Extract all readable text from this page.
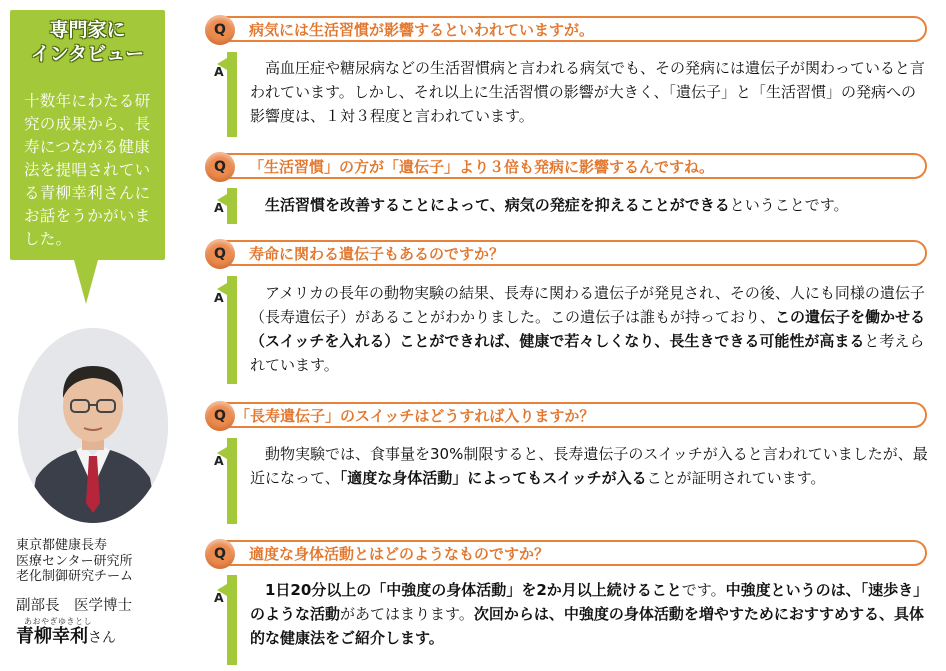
専門家に
インタビュー
十数年にわたる研究の成果から、長寿につながる健康法を提唱されている青柳幸利さんにお話をうかがいました。
東京都健康長寿
医療センター研究所
老化制御研究チーム
副部長　医学博士
あおやぎゆきとし
青柳幸利さん
Q	病気には生活習慣が影響するといわれていますが。
A	高血圧症や糖尿病などの生活習慣病と言われる病気でも、その発病には遺伝子が関わっていると言われています。しかし、それ以上に生活習慣の影響が大きく、「遺伝子」と「生活習慣」の発病への影響度は、１対３程度と言われています。

Q	「生活習慣」の方が「遺伝子」より３倍も発病に影響するんですね。
A	生活習慣を改善することによって、病気の発症を抑えることができるということです。

Q	寿命に関わる遺伝子もあるのですか？
A	アメリカの長年の動物実験の結果、長寿に関わる遺伝子が発見され、その後、人にも同様の遺伝子（長寿遺伝子）があることがわかりました。この遺伝子は誰もが持っており、この遺伝子を働かせる（スイッチを入れる）ことができれば、健康で若々しくなり、長生きできる可能性が高まると考えられています。

Q 「長寿遺伝子」のスイッチはどうすれば入りますか？
A	動物実験では、食事量を30%制限すると、長寿遺伝子のスイッチが入ると言われていましたが、最近になって、「適度な身体活動」によってもスイッチが入ることが証明されています。

Q	適度な身体活動とはどのようなものですか？
A	1日20分以上の「中強度の身体活動」を2か月以上続けることです。中強度というのは、「速歩き」のような活動があてはまります。次回からは、中強度の身体活動を増やすためにおすすめする、具体的な健康法をご紹介します。
